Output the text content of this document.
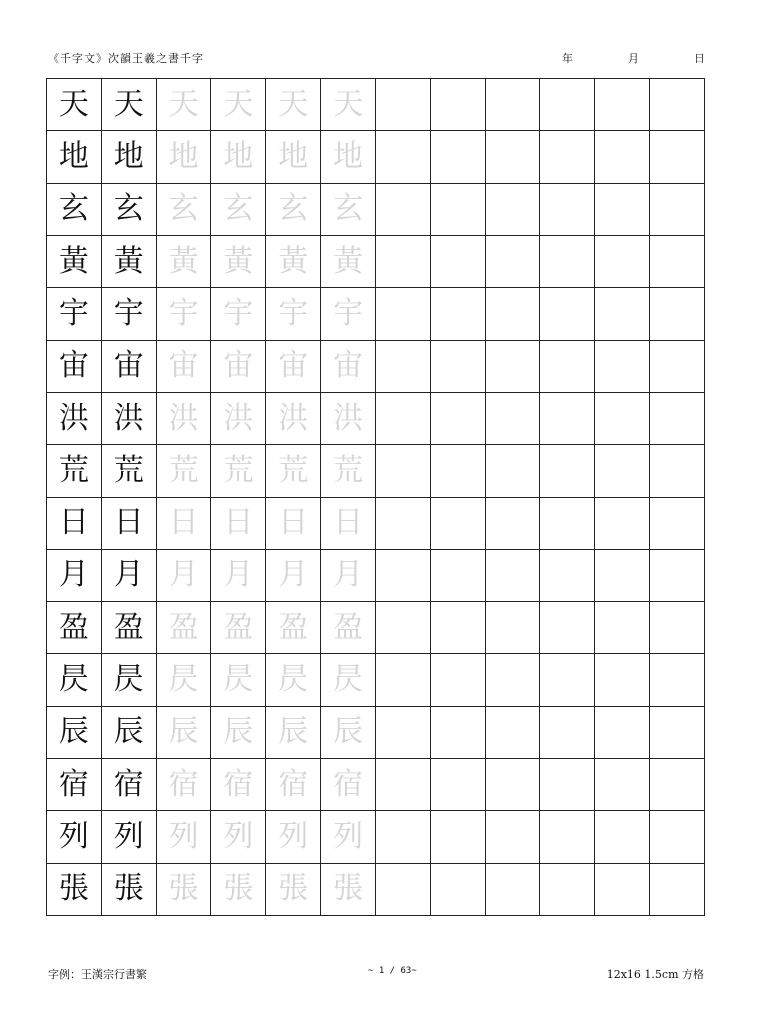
《千字文》次韻王羲之書千字	年	月	日
天 天 天 天 天 天
地 地 地 地 地 地
玄 玄 玄 玄 玄 玄
黃 黃 黃 黃 黃 黃
宇 宇 宇 宇 宇 宇
宙 宙 宙 宙 宙 宙
洪 洪 洪 洪 洪 洪
荒 荒 荒 荒 荒 荒
日 日 日 日 日 日
月 月 月 月 月 月
盈 盈 盈 盈 盈 盈
昃 昃 昃 昃 昃 昃
辰 辰 辰 辰 辰 辰
宿 宿 宿 宿 宿 宿
列 列 列 列 列 列
張 張 張 張 張 張
字例：王漢宗行書繁	~ 1 / 63~	12x16 1.5cm 方格
